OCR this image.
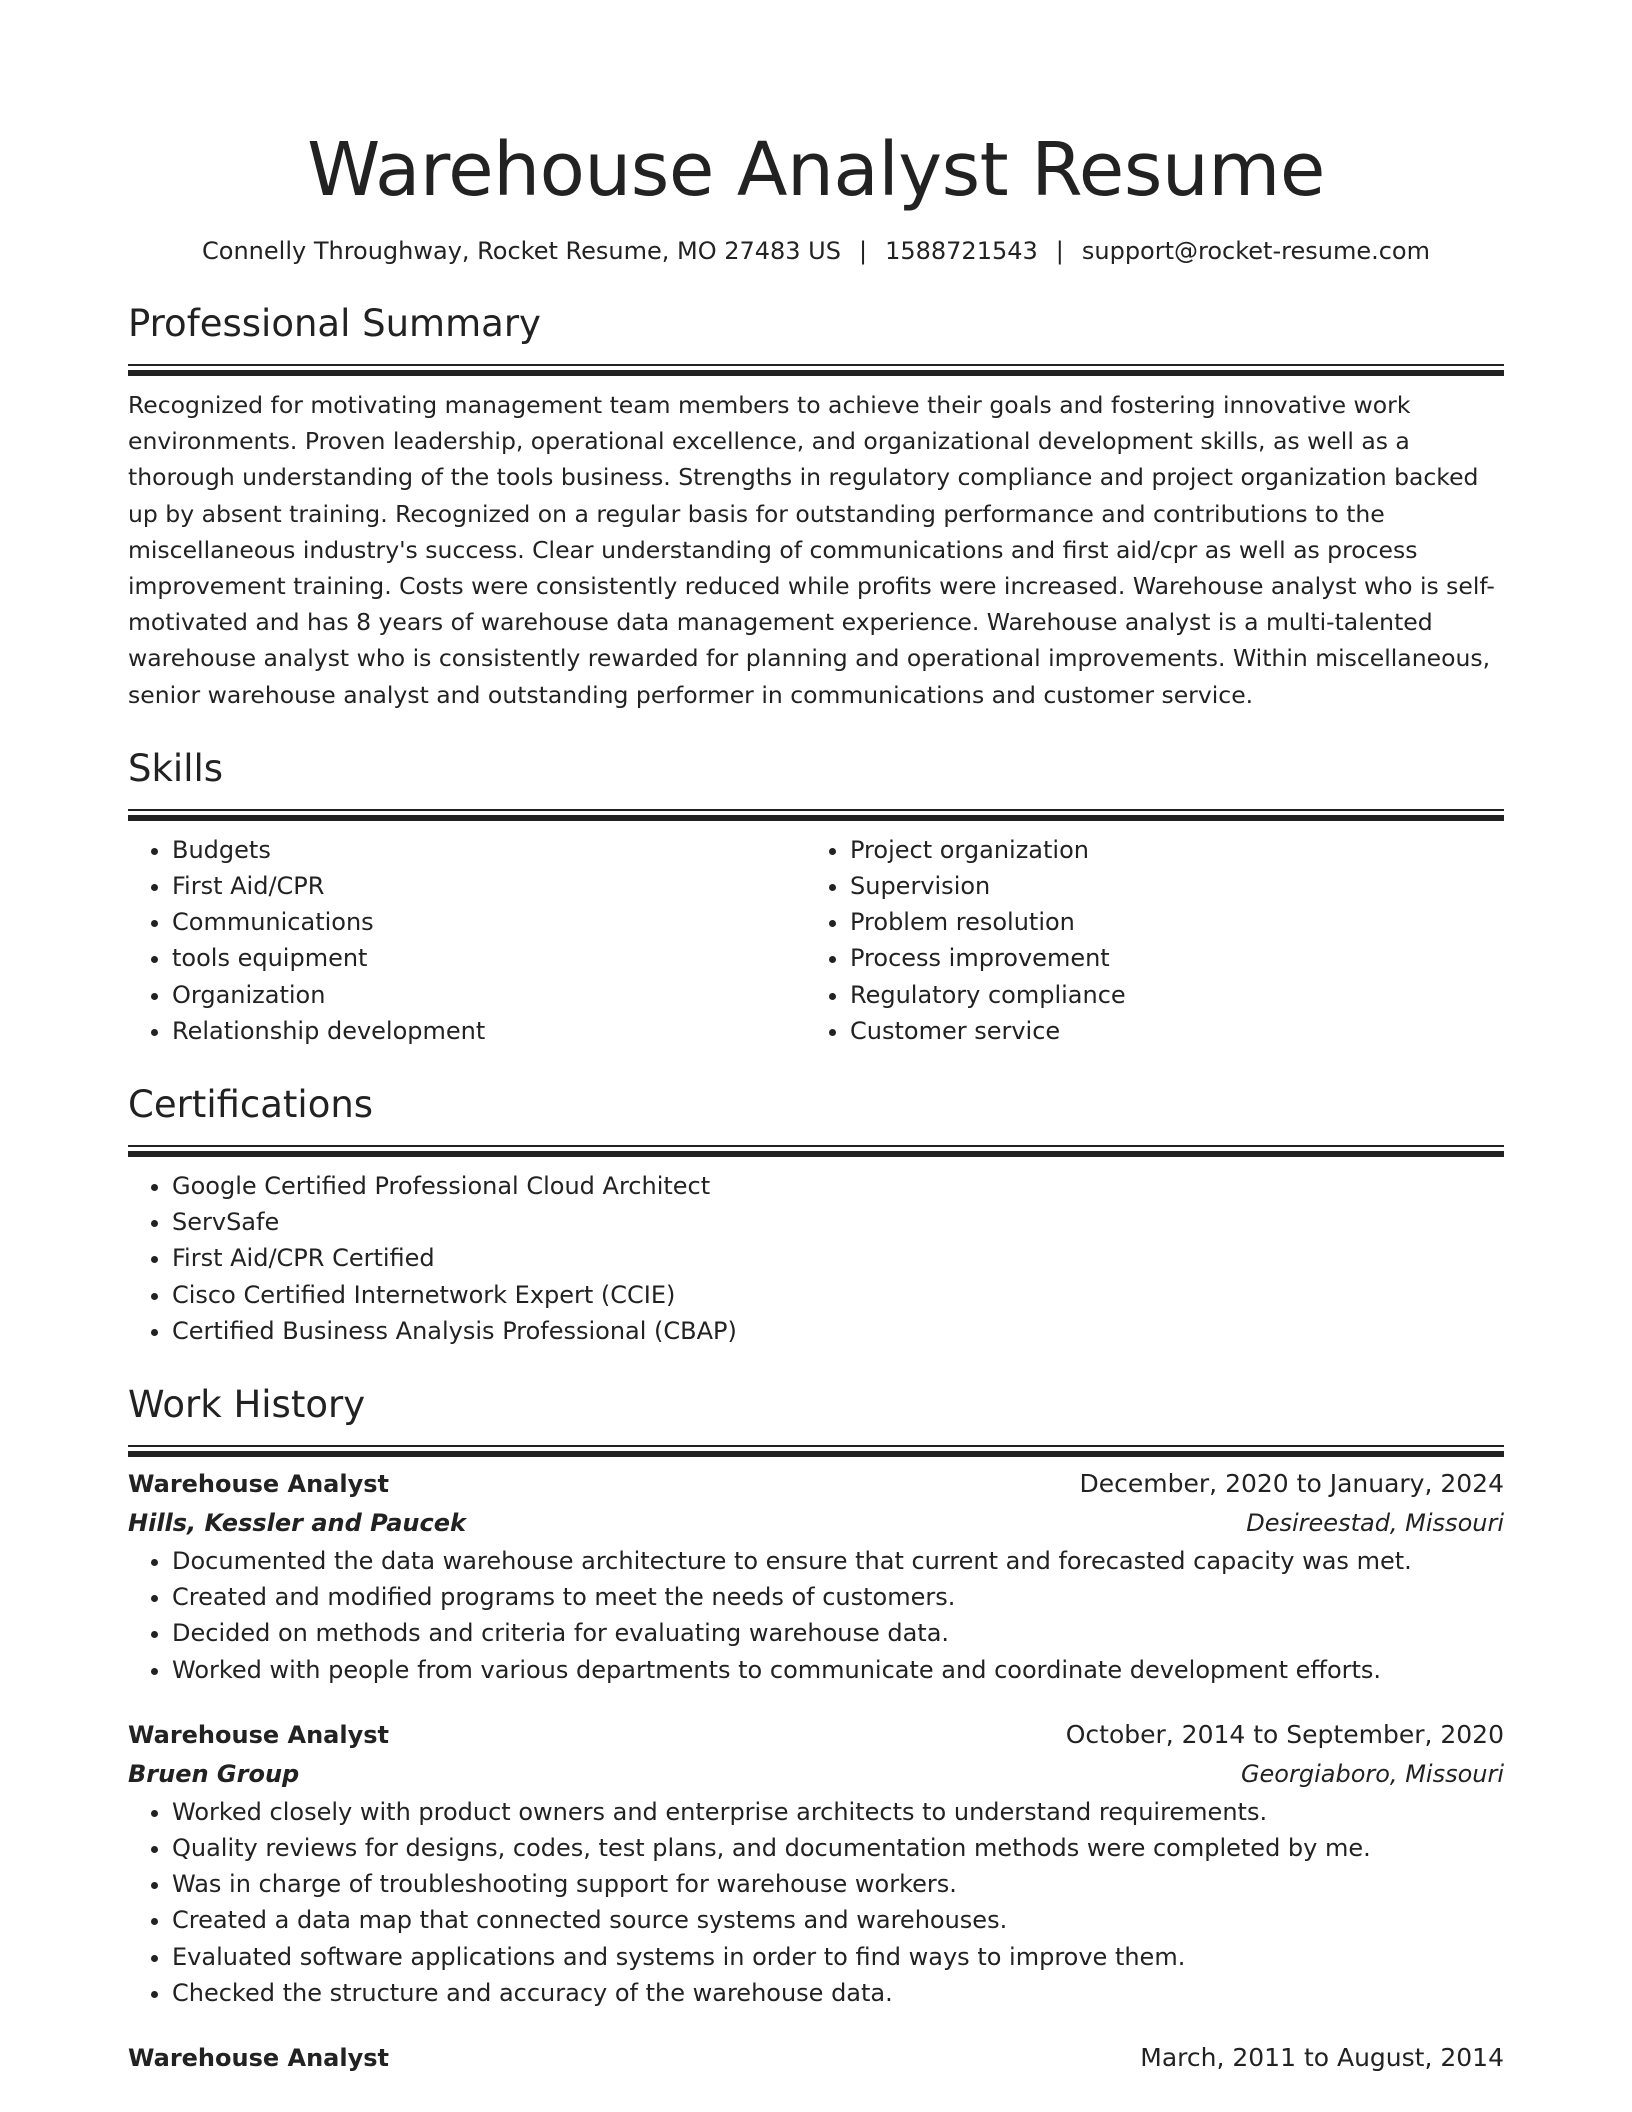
Warehouse Analyst Resume
Connelly Throughway, Rocket Resume, MO 27483 US | 1588721543 | support@rocket-resume.com
Professional Summary

Recognized for motivating management team members to achieve their goals and fostering innovative work environments. Proven leadership, operational excellence, and organizational development skills, as well as a thorough understanding of the tools business. Strengths in regulatory compliance and project organization backed up by absent training. Recognized on a regular basis for outstanding performance and contributions to the miscellaneous industry's success. Clear understanding of communications and first aid/cpr as well as process improvement training. Costs were consistently reduced while profits were increased. Warehouse analyst who is self-motivated and has 8 years of warehouse data management experience. Warehouse analyst is a multi-talented warehouse analyst who is consistently rewarded for planning and operational improvements. Within miscellaneous, senior warehouse analyst and outstanding performer in communications and customer service.

Skills
• Budgets
• First Aid/CPR
• Communications
• tools equipment
• Organization
• Relationship development
• Project organization
• Supervision
• Problem resolution
• Process improvement
• Regulatory compliance
• Customer service
Certifications
• Google Certified Professional Cloud Architect
• ServSafe
• First Aid/CPR Certified
• Cisco Certified Internetwork Expert (CCIE)
• Certified Business Analysis Professional (CBAP)
Work History
Warehouse Analyst	December, 2020 to January, 2024
Hills, Kessler and Paucek	Desireestad, Missouri
• Documented the data warehouse architecture to ensure that current and forecasted capacity was met.
• Created and modified programs to meet the needs of customers.
• Decided on methods and criteria for evaluating warehouse data.
• Worked with people from various departments to communicate and coordinate development efforts.
Warehouse Analyst	October, 2014 to September, 2020
Bruen Group	Georgiaboro, Missouri
• Worked closely with product owners and enterprise architects to understand requirements.
• Quality reviews for designs, codes, test plans, and documentation methods were completed by me.
• Was in charge of troubleshooting support for warehouse workers.
• Created a data map that connected source systems and warehouses.
• Evaluated software applications and systems in order to find ways to improve them.
• Checked the structure and accuracy of the warehouse data.
Warehouse Analyst	March, 2011 to August, 2014
